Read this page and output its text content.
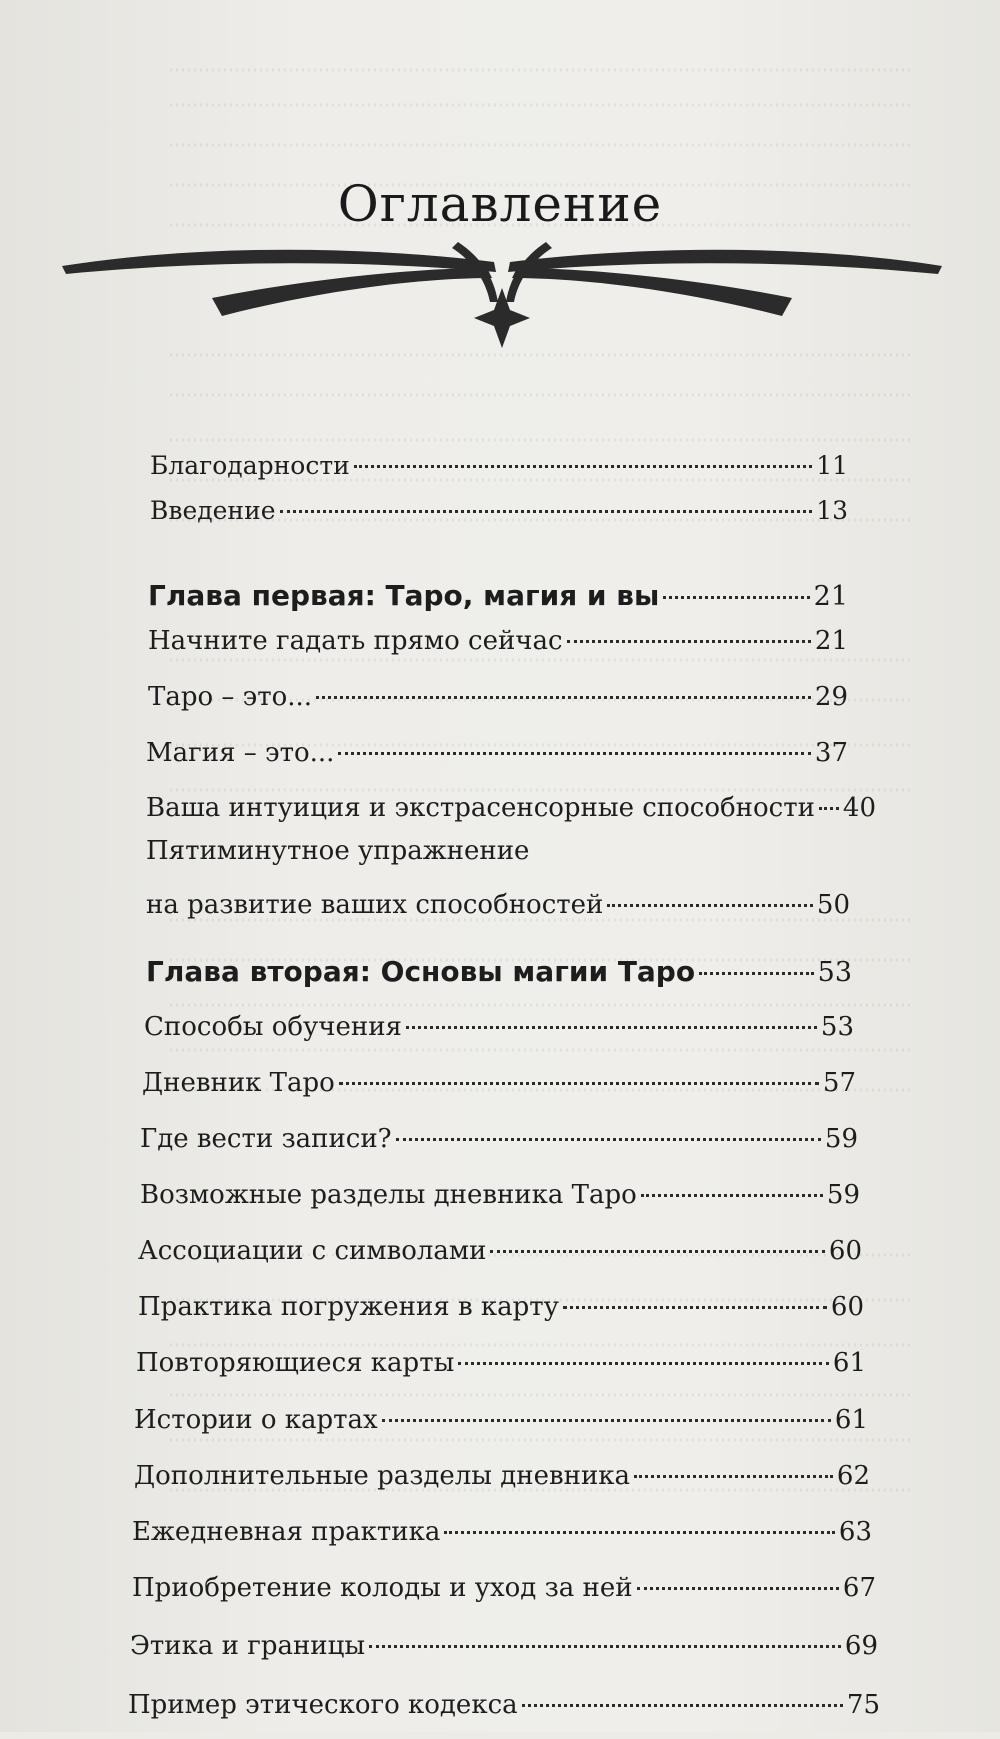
Оглавление
Благодарности	11
Введение	13
Глава первая: Таро, магия и вы	21
Начните гадать прямо сейчас	21
Таро – это...	29
Магия – это...	37
Ваша интуиция и экстрасенсорные способности 40
Пятиминутное упражнение
на развитие ваших способностей	50
Глава вторая: Основы магии Таро	53
Способы обучения	53
Дневник Таро	57
Где вести записи?	59
Возможные разделы дневника Таро	59
Ассоциации с символами	60
Практика погружения в карту	60
Повторяющиеся карты	61
Истории о картах	61
Дополнительные разделы дневника	62
Ежедневная практика	63
Приобретение колоды и уход за ней	67
Этика и границы	69
Пример этического кодекса	75
